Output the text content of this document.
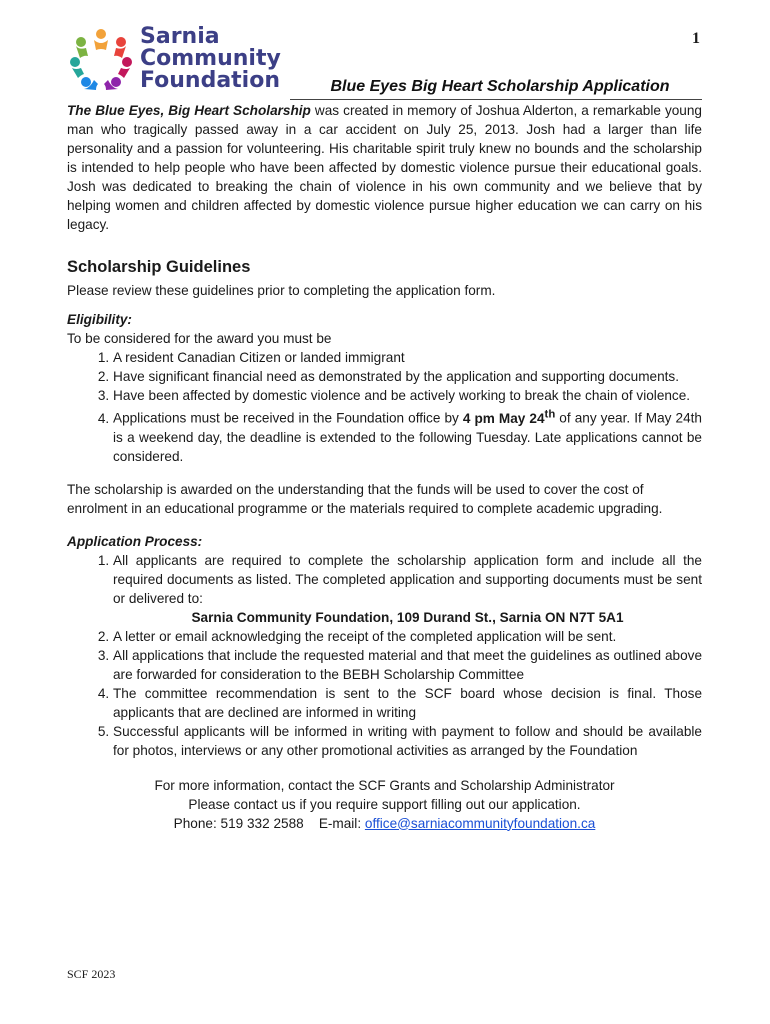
1
Sarnia
Community
Foundation	Blue Eyes Big Heart Scholarship Application

The Blue Eyes, Big Heart Scholarship was created in memory of Joshua Alderton, a remarkable young man who tragically passed away in a car accident on July 25, 2013. Josh had a larger than life personality and a passion for volunteering. His charitable spirit truly knew no bounds and the scholarship is intended to help people who have been affected by domestic violence pursue their educational goals. Josh was dedicated to breaking the chain of violence in his own community and we believe that by helping women and children affected by domestic violence pursue higher education we can carry on his legacy.

Scholarship Guidelines

Please review these guidelines prior to completing the application form.

Eligibility:

To be considered for the award you must be

1. A resident Canadian Citizen or landed immigrant
2. Have significant financial need as demonstrated by the application and supporting documents.
3. Have been affected by domestic violence and be actively working to break the chain of violence.
4. Applications must be received in the Foundation office by 4 pm May 24th of any year. If May 24th is a weekend day, the deadline is extended to the following Tuesday. Late applications cannot be considered.

The scholarship is awarded on the understanding that the funds will be used to cover the cost of enrolment in an educational programme or the materials required to complete academic upgrading.

Application Process:

1. All applicants are required to complete the scholarship application form and include all the required documents as listed. The completed application and supporting documents must be sent or delivered to:
Sarnia Community Foundation, 109 Durand St., Sarnia ON N7T 5A1
2. A letter or email acknowledging the receipt of the completed application will be sent.
3. All applications that include the requested material and that meet the guidelines as outlined above are forwarded for consideration to the BEBH Scholarship Committee
4. The committee recommendation is sent to the SCF board whose decision is final. Those applicants that are declined are informed in writing
5. Successful applicants will be informed in writing with payment to follow and should be available for photos, interviews or any other promotional activities as arranged by the Foundation
For more information, contact the SCF Grants and Scholarship Administrator
Please contact us if you require support filling out our application.
Phone: 519 332 2588 E-mail: office@sarniacommunityfoundation.ca
SCF 2023
